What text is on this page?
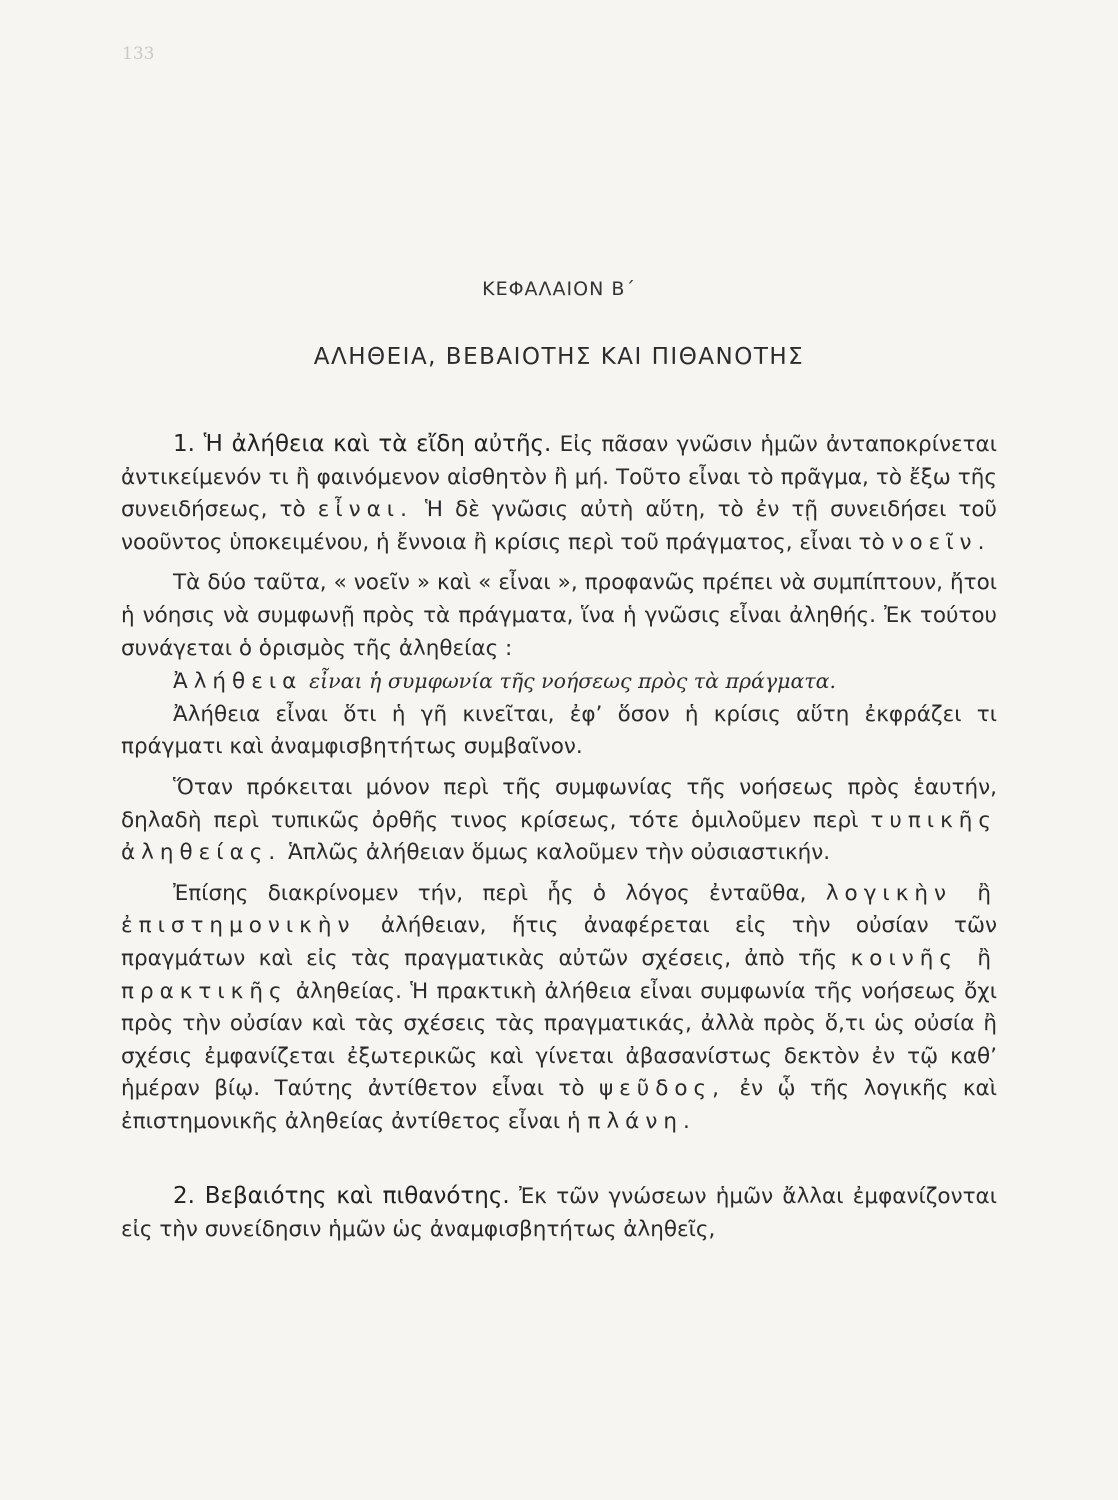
133
ΚΕΦΑΛΑΙΟΝ Β΄
ΑΛΗΘΕΙΑ, ΒΕΒΑΙΟΤΗΣ ΚΑΙ ΠΙΘΑΝΟΤΗΣ

1. Ἡ ἀλήθεια καὶ τὰ εἴδη αὐτῆς. Εἰς πᾶσαν γνῶσιν ἡμῶν ἀνταποκρίνεται ἀντικείμενόν τι ἢ φαινόμενον αἰσθητὸν ἢ μή. Τοῦτο εἶναι τὸ πρᾶγμα, τὸ ἔξω τῆς συνειδήσεως, τὸ εἶναι. Ἡ δὲ γνῶσις αὐτὴ αὕτη, τὸ ἐν τῇ συνειδήσει τοῦ νοοῦντος ὑποκειμένου, ἡ ἔννοια ἢ κρίσις περὶ τοῦ πράγματος, εἶναι τὸ νοεῖν.

Τὰ δύο ταῦτα, « νοεῖν » καὶ « εἶναι », προφανῶς πρέπει νὰ συμπίπτουν, ἤτοι ἡ νόησις νὰ συμφωνῇ πρὸς τὰ πράγματα, ἵνα ἡ γνῶσις εἶναι ἀληθής. Ἐκ τούτου συνάγεται ὁ ὁρισμὸς τῆς ἀληθείας :

Ἀλήθεια εἶναι ἡ συμφωνία τῆς νοήσεως πρὸς τὰ πράγματα.

Ἀλήθεια εἶναι ὅτι ἡ γῆ κινεῖται, ἐφ’ ὅσον ἡ κρίσις αὕτη ἐκφράζει τι πράγματι καὶ ἀναμφισβητήτως συμβαῖνον.

Ὅταν πρόκειται μόνον περὶ τῆς συμφωνίας τῆς νοήσεως πρὸς ἑαυτήν, δηλαδὴ περὶ τυπικῶς ὀρθῆς τινος κρίσεως, τότε ὁμιλοῦμεν περὶ τυπικῆς ἀληθείας. Ἁπλῶς ἀλήθειαν ὅμως καλοῦμεν τὴν οὐσιαστικήν.

Ἐπίσης διακρίνομεν τήν, περὶ ἧς ὁ λόγος ἐνταῦθα, λογικὴν ἢ ἐπιστημονικὴν ἀλήθειαν, ἥτις ἀναφέρεται εἰς τὴν οὐσίαν τῶν πραγμάτων καὶ εἰς τὰς πραγματικὰς αὐτῶν σχέσεις, ἀπὸ τῆς κοινῆς ἢ πρακτικῆς ἀληθείας. Ἡ πρακτικὴ ἀλήθεια εἶναι συμφωνία τῆς νοήσεως ὄχι πρὸς τὴν οὐσίαν καὶ τὰς σχέσεις τὰς πραγματικάς, ἀλλὰ πρὸς ὅ,τι ὡς οὐσία ἢ σχέσις ἐμφανίζεται ἐξωτερικῶς καὶ γίνεται ἀβασανίστως δεκτὸν ἐν τῷ καθ’ ἡμέραν βίῳ. Ταύτης ἀντίθετον εἶναι τὸ ψεῦδος, ἐν ᾧ τῆς λογικῆς καὶ ἐπιστημονικῆς ἀληθείας ἀντίθετος εἶναι ἡ πλάνη.

2. Βεβαιότης καὶ πιθανότης. Ἐκ τῶν γνώσεων ἡμῶν ἄλλαι ἐμφανίζονται εἰς τὴν συνείδησιν ἡμῶν ὡς ἀναμφισβητήτως ἀληθεῖς,
